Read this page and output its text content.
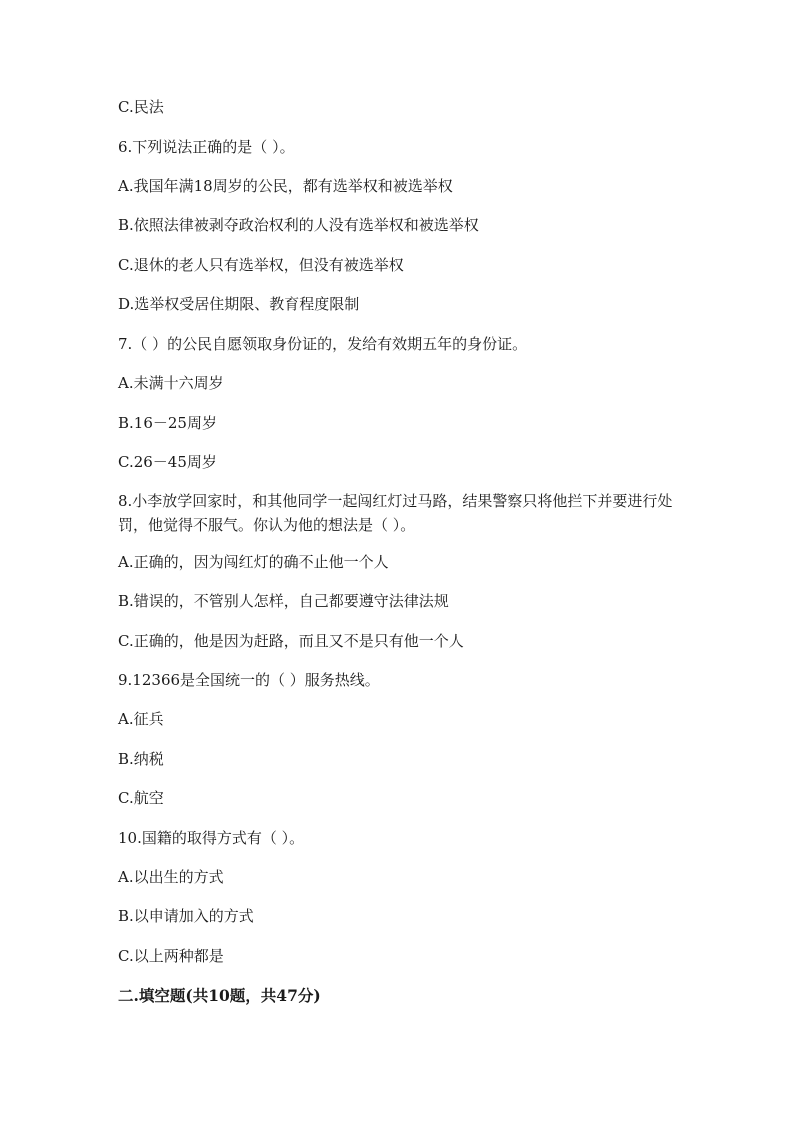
C.民法
6.下列说法正确的是（ ）。
A.我国年满18周岁的公民，都有选举权和被选举权
B.依照法律被剥夺政治权利的人没有选举权和被选举权
C.退休的老人只有选举权，但没有被选举权
D.选举权受居住期限、教育程度限制
7.（ ）的公民自愿领取身份证的，发给有效期五年的身份证。
A.未满十六周岁
B.16－25周岁
C.26－45周岁
8.小李放学回家时，和其他同学一起闯红灯过马路，结果警察只将他拦下并要进行处罚，他觉得不服气。你认为他的想法是（ ）。
A.正确的，因为闯红灯的确不止他一个人
B.错误的，不管别人怎样，自己都要遵守法律法规
C.正确的，他是因为赶路，而且又不是只有他一个人
9.12366是全国统一的（ ）服务热线。
A.征兵
B.纳税
C.航空
10.国籍的取得方式有（ ）。
A.以出生的方式
B.以申请加入的方式
C.以上两种都是
二.填空题(共10题，共47分)
